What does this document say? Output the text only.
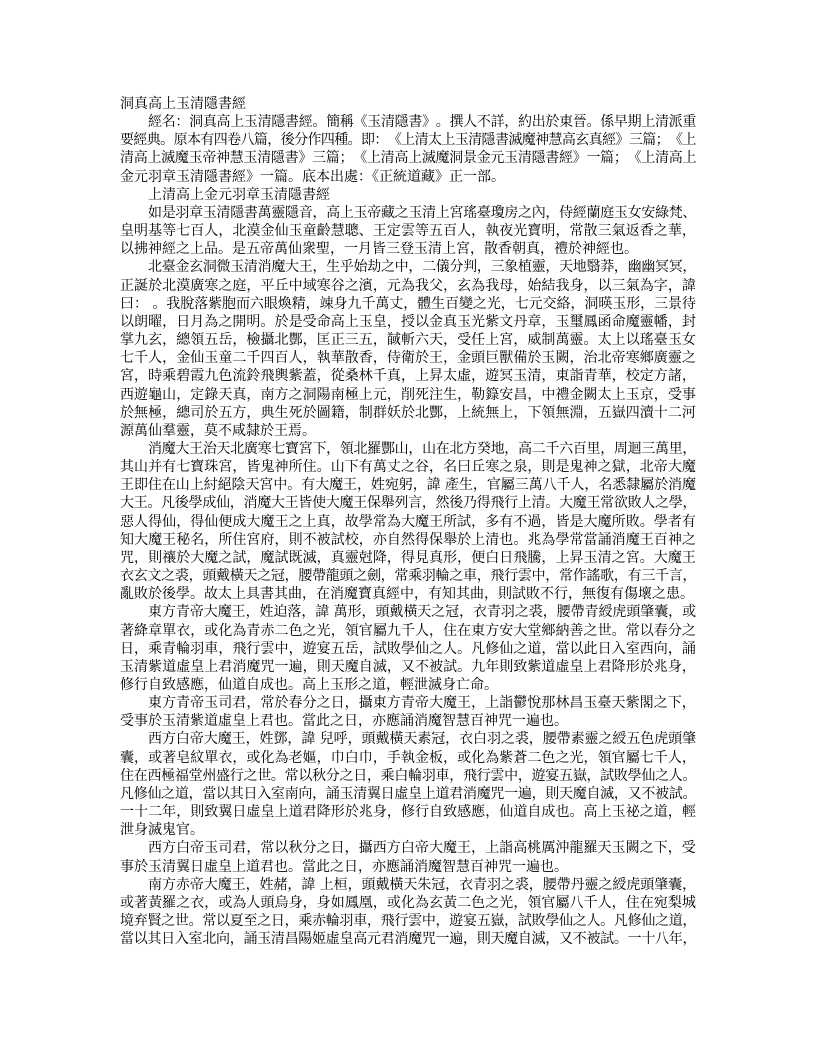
洞真高上玉清隱書經
經 名 ： 洞 真 高 上 玉 清 隱 書 經 。 簡 稱 《 玉 清 隱 書 》 。 撰 人 不 詳 ， 約 出 於 東 晉 。 係 早 期 上 清 派 重
要 經 典 。 原 本 有 四 卷 八 篇 ， 後 分 作 四 種 。 即 ： 《 上 清 太 上 玉 清 隱 書 滅 魔 神 慧 高 玄 真 經 》 三 篇 ； 《 上
清 高 上 滅 魔 玉 帝 神 慧 玉 清 隱 書 》 三 篇 ； 《 上 清 高 上 滅 魔 洞 景 金 元 玉 清 隱 書 經 》 一 篇 ； 《 上 清 高 上
金元羽章玉清隱書經》一篇。底本出處：《正統道藏》正一部。
上清高上金元羽章玉清隱書經
如 是 羽 章 玉 清 隱 書 萬 靈 隱 音 ， 高 上 玉 帝 藏 之 玉 清 上 宮 瑤 臺 瓊 房 之 內 ， 侍 經 蘭 庭 玉 女 安 綠 梵 、
皇 明 基 等 七 百 人 ， 北 漠 金 仙 玉 童 齡 慧 聰 、 王 定 雲 等 五 百 人 ， 執 夜 光 寶 明 ， 常 散 三 氣 返 香 之 華 ，
以拂神經之上品。是五帝萬仙衆聖，一月皆三登玉清上宮，散香朝真，禮於神經也。
北 臺 金 玄 洞 微 玉 清 消 魔 大 王 ， 生 乎 始 劫 之 中 ， 二 儀 分 判 ， 三 象 植 靈 ， 天 地 翳 莽 ， 幽 幽 冥 冥 ，
正 誕 於 北 漠 廣 寒 之 庭 ， 平 丘 中 域 寒 谷 之 濱 ， 元 為 我 父 ， 玄 為 我 母 ， 始 結 我 身 ， 以 三 氣 為 字 ， 諱
曰 ：
。 我 脫 落 紫 胞 而 六 眼 煥 精 ， 竦 身 九 千 萬 丈 ， 體 生 百 變 之 光 ， 七 元 交 絡 ， 洞 暎 玉 形 ， 三 景 待
以 朗 曜 ， 日 月 為 之 開 明 。 於 是 受 命 高 上 玉 皇 ， 授 以 金 真 玉 光 紫 文 丹 章 ， 玉 璽 鳳 函 命 魔 靈 幡 ， 封
掌 九 玄 ， 總 領 五 岳 ， 檢 攝 北 酆 ， 匡 正 三 五 ， 馘 斬 六 天 ， 受 任 上 宮 ， 威 制 萬 靈 。 太 上 以 瑤 臺 玉 女
七 千 人 ， 金 仙 玉 童 二 千 四 百 人 ， 執 華 散 香 ， 侍 衛 於 王 ， 金 頭 巨 獸 備 於 玉 闕 ， 治 北 帝 寒 鄉 廣 靈 之
宮 ， 時 乘 碧 霞 九 色 流 鈴 飛 輿 紫 蓋 ， 從 桑 林 千 真 ， 上 昇 太 虛 ， 遊 冥 玉 清 ， 東 詣 青 華 ， 校 定 方 諸 ，
西 遊 龜 山 ， 定 錄 天 真 ， 南 方 之 洞 陽 南 極 上 元 ， 削 死 注 生 ， 勒 籙 安 昌 ， 中 禮 金 闕 太 上 玉 京 ， 受 事
於 無 極 ， 總 司 於 五 方 ， 典 生 死 於 圖 籍 ， 制 群 妖 於 北 酆 ， 上 統 無 上 ， 下 領 無 淵 ， 五 嶽 四 瀆 十 二 河
源萬仙羣靈，莫不咸隸於王焉。
消 魔 大 王 治 天 北 廣 寒 七 寶 宮 下 ， 領 北 羅 酆 山 ， 山 在 北 方 癸 地 ， 高 二 千 六 百 里 ， 周 迴 三 萬 里 ，
其 山 并 有 七 寶 珠 宮 ， 皆 鬼 神 所 住 。 山 下 有 萬 丈 之 谷 ， 名 曰 丘 寒 之 泉 ， 則 是 鬼 神 之 獄 ， 北 帝 大 魔
王 即 住 在 山 上 紂 絕 陰 天 宮 中 。 有 大 魔 王 ， 姓 宛 躬 ， 諱
產 生 ， 官 屬 三 萬 八 千 人 ， 名 悉 隸 屬 於 消 魔
大 王 。 凡 後 學 成 仙 ， 消 魔 大 王 皆 使 大 魔 王 保 舉 列 言 ， 然 後 乃 得 飛 行 上 清 。 大 魔 王 常 欲 敗 人 之 學 ，
惡 人 得 仙 ， 得 仙 便 成 大 魔 王 之 上 真 ， 故 學 常 為 大 魔 王 所 試 ， 多 有 不 過 ， 皆 是 大 魔 所 敗 。 學 者 有
知 大 魔 王 秘 名 ， 所 住 宮 府 ， 則 不 被 試 校 ， 亦 自 然 得 保 舉 於 上 清 也 。 兆 為 學 常 當 誦 消 魔 王 百 神 之
咒 ， 則 禳 於 大 魔 之 試 ， 魔 試 既 滅 ， 真 靈 尅 降 ， 得 見 真 形 ， 便 白 日 飛 騰 ， 上 昇 玉 清 之 宮 。 大 魔 王
衣 玄 文 之 裘 ， 頭 戴 橫 天 之 冠 ， 腰 帶 龍 頭 之 劍 ， 常 乘 羽 輪 之 車 ， 飛 行 雲 中 ， 常 作 謠 歌 ， 有 三 千 言 ，
亂敗於後學。故太上具書其曲，在消魔寶真經中，有知其曲，則試敗不行，無復有傷壞之患。
東 方 青 帝 大 魔 王 ， 姓 迫 落 ， 諱
萬 形 ， 頭 戴 橫 天 之 冠 ， 衣 青 羽 之 裘 ， 腰 帶 青 綬 虎 頭 肇 囊 ， 或
著 絳 章 單 衣 ， 或 化 為 青 赤 二 色 之 光 ， 領 官 屬 九 千 人 ， 住 在 東 方 安 大 堂 鄉 納 善 之 世 。 常 以 春 分 之
日 ， 乘 青 輪 羽 車 ， 飛 行 雲 中 ， 遊 宴 五 岳 ， 試 敗 學 仙 之 人 。 凡 修 仙 之 道 ， 當 以 此 日 入 室 西 向 ， 誦
玉 清 紫 道 虛 皇 上 君 消 魔 咒 一 遍 ， 則 天 魔 自 滅 ， 又 不 被 試 。 九 年 則 致 紫 道 虛 皇 上 君 降 形 於 兆 身 ，
修行自致感應，仙道自成也。高上玉形之道，輕泄滅身亡命。
東 方 青 帝 玉 司 君 ， 常 於 春 分 之 日 ， 攝 東 方 青 帝 大 魔 王 ， 上 詣 鬱 悅 那 林 昌 玉 臺 天 紫 閣 之 下 ，
受事於玉清紫道虛皇上君也。當此之日，亦應誦消魔智慧百神咒一遍也。
西 方 白 帝 大 魔 王 ， 姓 鄧 ， 諱
兒 呼 ， 頭 戴 橫 天 素 冠 ， 衣 白 羽 之 裘 ， 腰 帶 素 靈 之 綬 五 色 虎 頭 肇
囊 ， 或 著 皂 紋 單 衣 ， 或 化 為 老 嫗 ， 巾 白 巾 ， 手 執 金 板 ， 或 化 為 紫 蒼 二 色 之 光 ， 領 官 屬 七 千 人 ，
住 在 西 極 福 堂 州 盛 行 之 世 。 常 以 秋 分 之 日 ， 乘 白 輪 羽 車 ， 飛 行 雲 中 ， 遊 宴 五 嶽 ， 試 敗 學 仙 之 人 。
凡 修 仙 之 道 ， 當 以 其 日 入 室 南 向 ， 誦 玉 清 翼 日 虛 皇 上 道 君 消 魔 咒 一 遍 ， 則 天 魔 自 滅 ， 又 不 被 試 。
一 十 二 年 ， 則 致 翼 日 虛 皇 上 道 君 降 形 於 兆 身 ， 修 行 自 致 感 應 ， 仙 道 自 成 也 。 高 上 玉 祕 之 道 ， 輕
泄身滅鬼官。
西 方 白 帝 玉 司 君 ， 常 以 秋 分 之 日 ， 攝 西 方 白 帝 大 魔 王 ， 上 詣 高 桃 厲 沖 龍 羅 天 玉 闕 之 下 ， 受
事於玉清翼日虛皇上道君也。當此之日，亦應誦消魔智慧百神咒一遍也。
南 方 赤 帝 大 魔 王 ， 姓 赭 ， 諱
上 桓 ， 頭 戴 橫 天 朱 冠 ， 衣 青 羽 之 裘 ， 腰 帶 丹 靈 之 綬 虎 頭 肇 囊 ，
或 著 黃 羅 之 衣 ， 或 為 人 頭 烏 身 ， 身 如 鳳 凰 ， 或 化 為 玄 黃 二 色 之 光 ， 領 官 屬 八 千 人 ， 住 在 宛 梨 城
境 弃 賢 之 世 。 常 以 夏 至 之 日 ， 乘 赤 輪 羽 車 ， 飛 行 雲 中 ， 遊 宴 五 嶽 ， 試 敗 學 仙 之 人 。 凡 修 仙 之 道 ，
當 以 其 日 入 室 北 向 ， 誦 玉 清 昌 陽 姬 虛 皇 高 元 君 消 魔 咒 一 遍 ， 則 天 魔 自 滅 ， 又 不 被 試 。 一 十 八 年 ，
